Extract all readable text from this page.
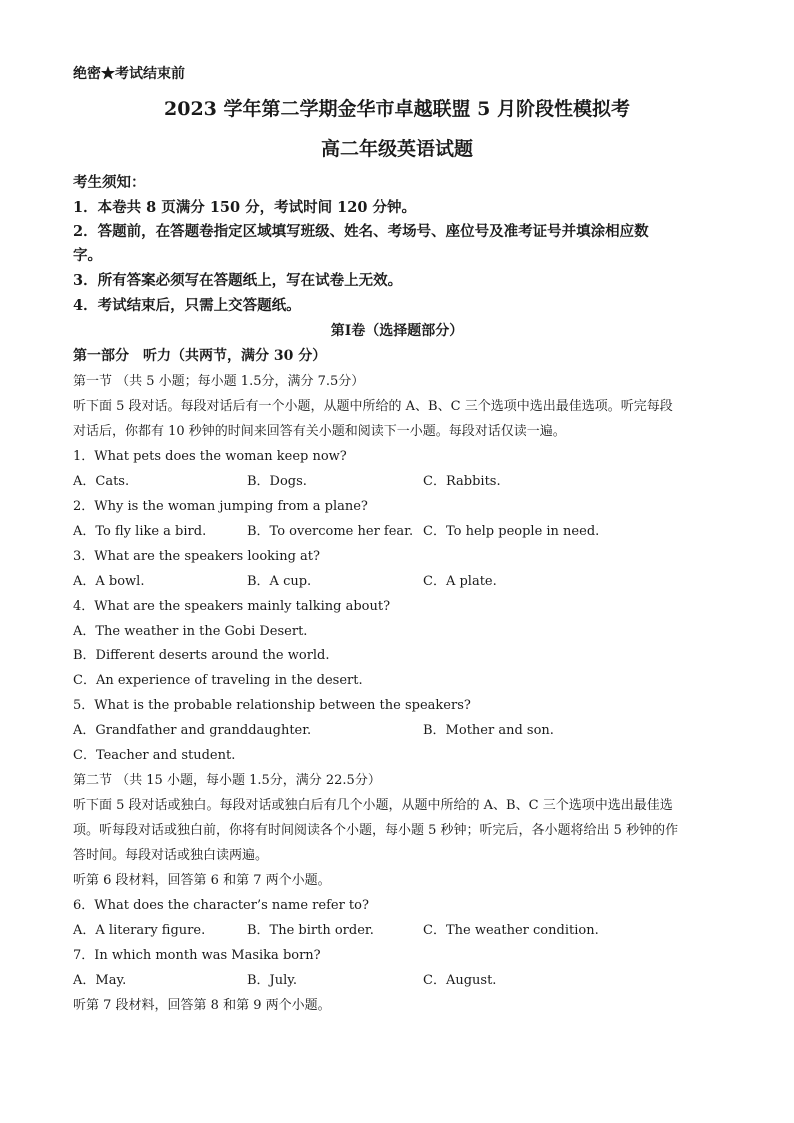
绝密★考试结束前
2023 学年第二学期金华市卓越联盟 5 月阶段性模拟考
高二年级英语试题
考生须知：
1．本卷共 8 页满分 150 分，考试时间 120 分钟。
2．答题前，在答题卷指定区域填写班级、姓名、考场号、座位号及准考证号并填涂相应数
字。
3．所有答案必须写在答题纸上，写在试卷上无效。
4．考试结束后，只需上交答题纸。
第Ⅰ卷（选择题部分）
第一部分　听力（共两节，满分 30 分）
第一节 （共 5 小题；每小题 1.5分，满分 7.5分）
听下面 5 段对话。每段对话后有一个小题，从题中所给的 A、B、C 三个选项中选出最佳选项。听完每段
对话后，你都有 10 秒钟的时间来回答有关小题和阅读下一小题。每段对话仅读一遍。
1．What pets does the woman keep now?
A．Cats.	B．Dogs.	C．Rabbits.
2．Why is the woman jumping from a plane?
A．To fly like a bird.	B．To overcome her fear. C．To help people in need.
3．What are the speakers looking at?
A．A bowl.	B．A cup.	C．A plate.
4．What are the speakers mainly talking about?
A．The weather in the Gobi Desert.
B．Different deserts around the world.
C．An experience of traveling in the desert.
5．What is the probable relationship between the speakers?
A．Grandfather and granddaughter.	B．Mother and son.
C．Teacher and student.
第二节 （共 15 小题，每小题 1.5分，满分 22.5分）
听下面 5 段对话或独白。每段对话或独白后有几个小题，从题中所给的 A、B、C 三个选项中选出最佳选
项。听每段对话或独白前，你将有时间阅读各个小题，每小题 5 秒钟；听完后，各小题将给出 5 秒钟的作
答时间。每段对话或独白读两遍。
听第 6 段材料，回答第 6 和第 7 两个小题。
6．What does the character’s name refer to?
A．A literary figure.	B．The birth order.	C．The weather condition.
7．In which month was Masika born?
A．May.	B．July.	C．August.
听第 7 段材料，回答第 8 和第 9 两个小题。
